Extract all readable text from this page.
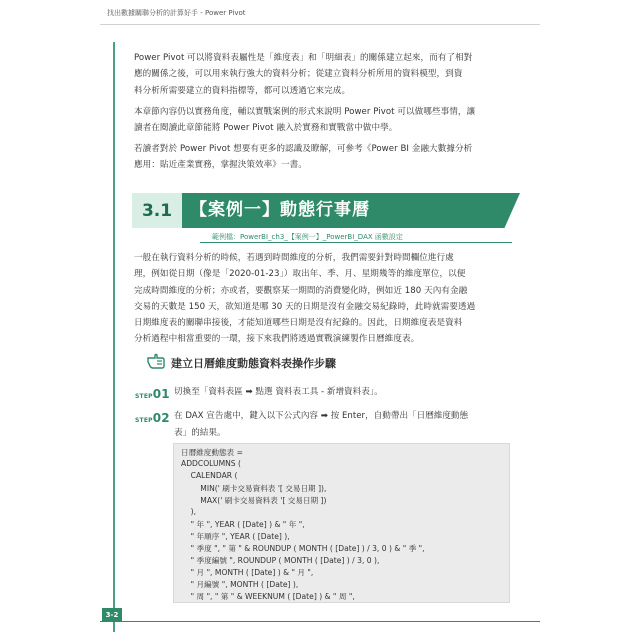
找出數據關聯分析的計算好手 - Power Pivot
Power Pivot 可以將資料表屬性是「維度表」和「明細表」的關係建立起來，而有了相對
應的關係之後，可以用來執行強大的資料分析；從建立資料分析所用的資料模型，到資
料分析所需要建立的資料指標等，都可以透過它來完成。
本章節內容仍以實務角度，輔以實戰案例的形式來說明 Power Pivot 可以做哪些事情，讓
讀者在閱讀此章節能將 Power Pivot 融入於實務和實戰當中做中學。
若讀者對於 Power Pivot 想要有更多的認識及瞭解，可參考《Power BI 金融大數據分析
應用：貼近產業實務，掌握決策效率》一書。
3.1	【案例一】動態行事曆
範例檔：PowerBI_ch3_【案例一】_PowerBI_DAX 函數設定
一般在執行資料分析的時候，若遇到時間維度的分析，我們需要針對時間欄位進行處
理，例如從日期（像是「2020-01-23」）取出年、季、月、星期幾等的維度單位，以便
完成時間維度的分析；亦或者，要觀察某一期間的消費變化時，例如近 180 天內有金融
交易的天數是 150 天，欲知道是哪 30 天的日期是沒有金融交易紀錄時，此時就需要透過
日期維度表的關聯串接後，才能知道哪些日期是沒有紀錄的。因此，日期維度表是資料
分析過程中相當重要的一環，接下來我們將透過實戰演練製作日曆維度表。
建立日曆維度動態資料表操作步驟
STEP01 切換至「資料表區 ➡ 點選 資料表工具 - 新增資料表」。
STEP02 在 DAX 宣告處中，鍵入以下公式內容 ➡ 按 Enter，自動帶出「日曆維度動態
表」的結果。
日曆維度動態表 =
ADDCOLUMNS (
CALENDAR (
MIN(' 刷卡交易資料表 '[ 交易日期 ]),
MAX(' 刷卡交易資料表 '[ 交易日期 ])
),
" 年 ", YEAR ( [Date] ) & " 年 ",
" 年順序 ", YEAR ( [Date] ),
" 季度 ", " 第 " & ROUNDUP ( MONTH ( [Date] ) / 3, 0 ) & " 季 ",
" 季度編號 ", ROUNDUP ( MONTH ( [Date] ) / 3, 0 ),
" 月 ", MONTH ( [Date] ) & " 月 ",
" 月編號 ", MONTH ( [Date] ),
" 周 ", " 第 " & WEEKNUM ( [Date] ) & " 周 ",
3-2
